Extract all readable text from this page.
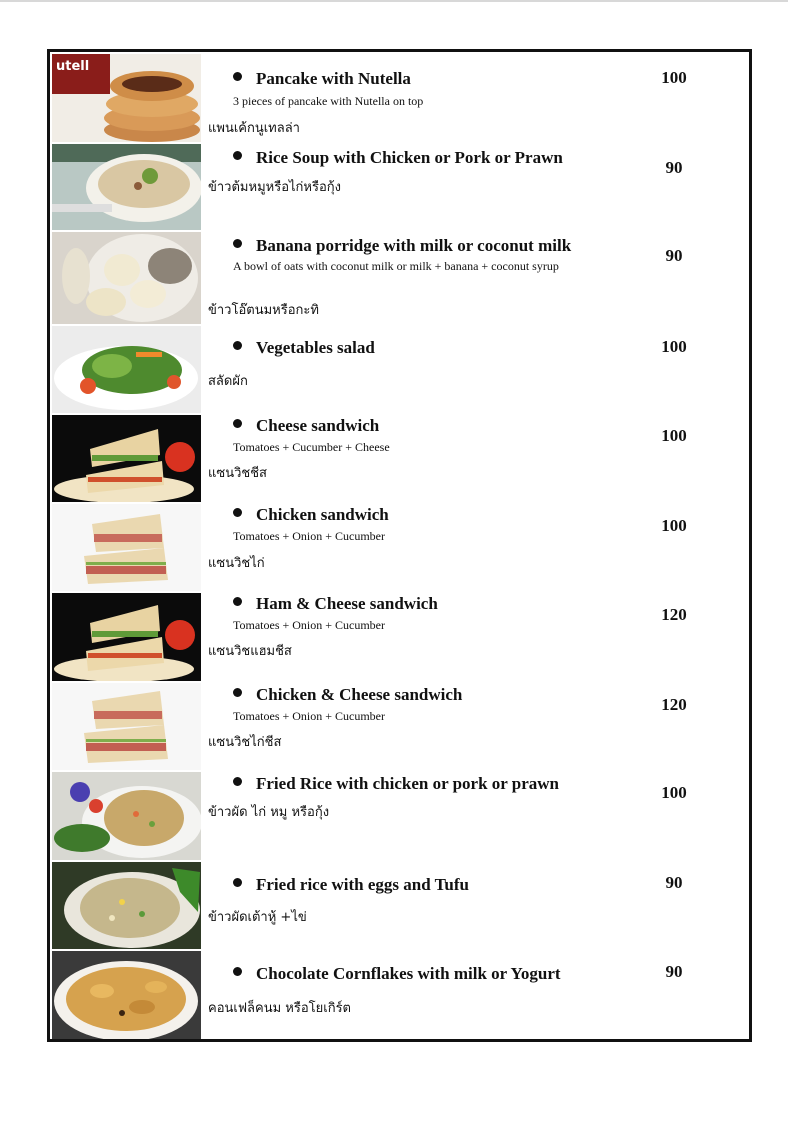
utell
Pancake with Nutella
3 pieces of pancake with Nutella on top
แพนเค้กนูเทลล่า
100
Rice Soup with Chicken or Pork or Prawn
ข้าวต้มหมูหรือไก่หรือกุ้ง
90
Banana porridge with milk or coconut milk
A bowl of oats with coconut milk or milk + banana + coconut syrup
ข้าวโอ๊ตนมหรือกะทิ
90
Vegetables salad
สลัดผัก
100
Cheese sandwich
Tomatoes + Cucumber + Cheese
แซนวิชชีส
100
Chicken sandwich
Tomatoes + Onion + Cucumber
แซนวิชไก่
100
Ham & Cheese sandwich
Tomatoes + Onion + Cucumber
แซนวิชแฮมชีส
120
Chicken & Cheese sandwich
Tomatoes + Onion + Cucumber
แซนวิชไก่ชีส
120
Fried Rice with chicken or pork or prawn
ข้าวผัด ไก่ หมู หรือกุ้ง
100
Fried rice with eggs and Tufu
ข้าวผัดเต้าหู้ +ไข่
90
Chocolate Cornflakes with milk or Yogurt
คอนเฟล็คนม หรือโยเกิร์ต
90
